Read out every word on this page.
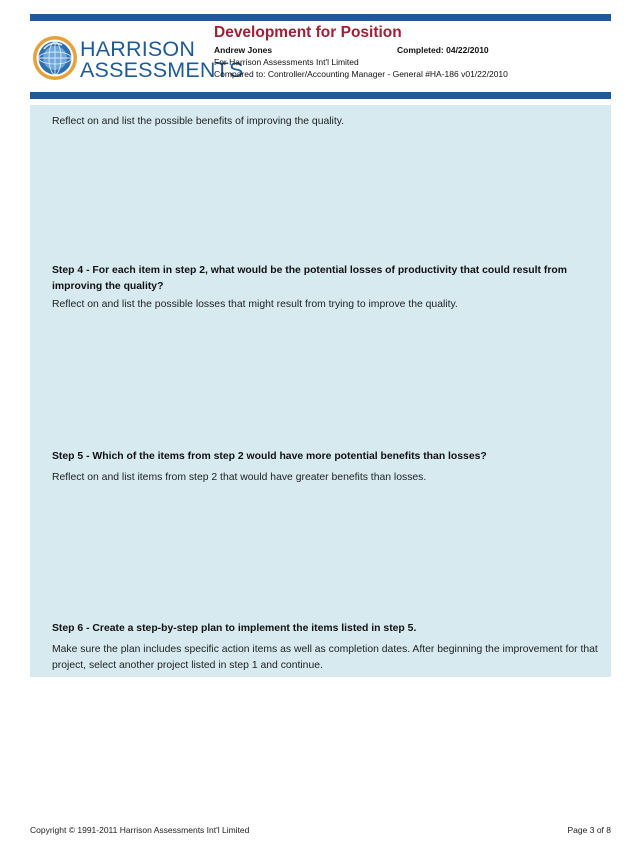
HARRISON
ASSESSMENTS
Development for Position
Andrew Jones	Completed: 04/22/2010
For Harrison Assessments Int'l Limited
Compared to: Controller/Accounting Manager - General #HA-186 v01/22/2010
Reflect on and list the possible benefits of improving the quality.
Step 4 - For each item in step 2, what would be the potential losses of productivity that could result from improving the quality?
Reflect on and list the possible losses that might result from trying to improve the quality.
Step 5 - Which of the items from step 2 would have more potential benefits than losses?
Reflect on and list items from step 2 that would have greater benefits than losses.
Step 6 - Create a step-by-step plan to implement the items listed in step 5.
Make sure the plan includes specific action items as well as completion dates. After beginning the improvement for that project, select another project listed in step 1 and continue.
Copyright © 1991-2011 Harrison Assessments Int'l Limited	Page 3 of 8
